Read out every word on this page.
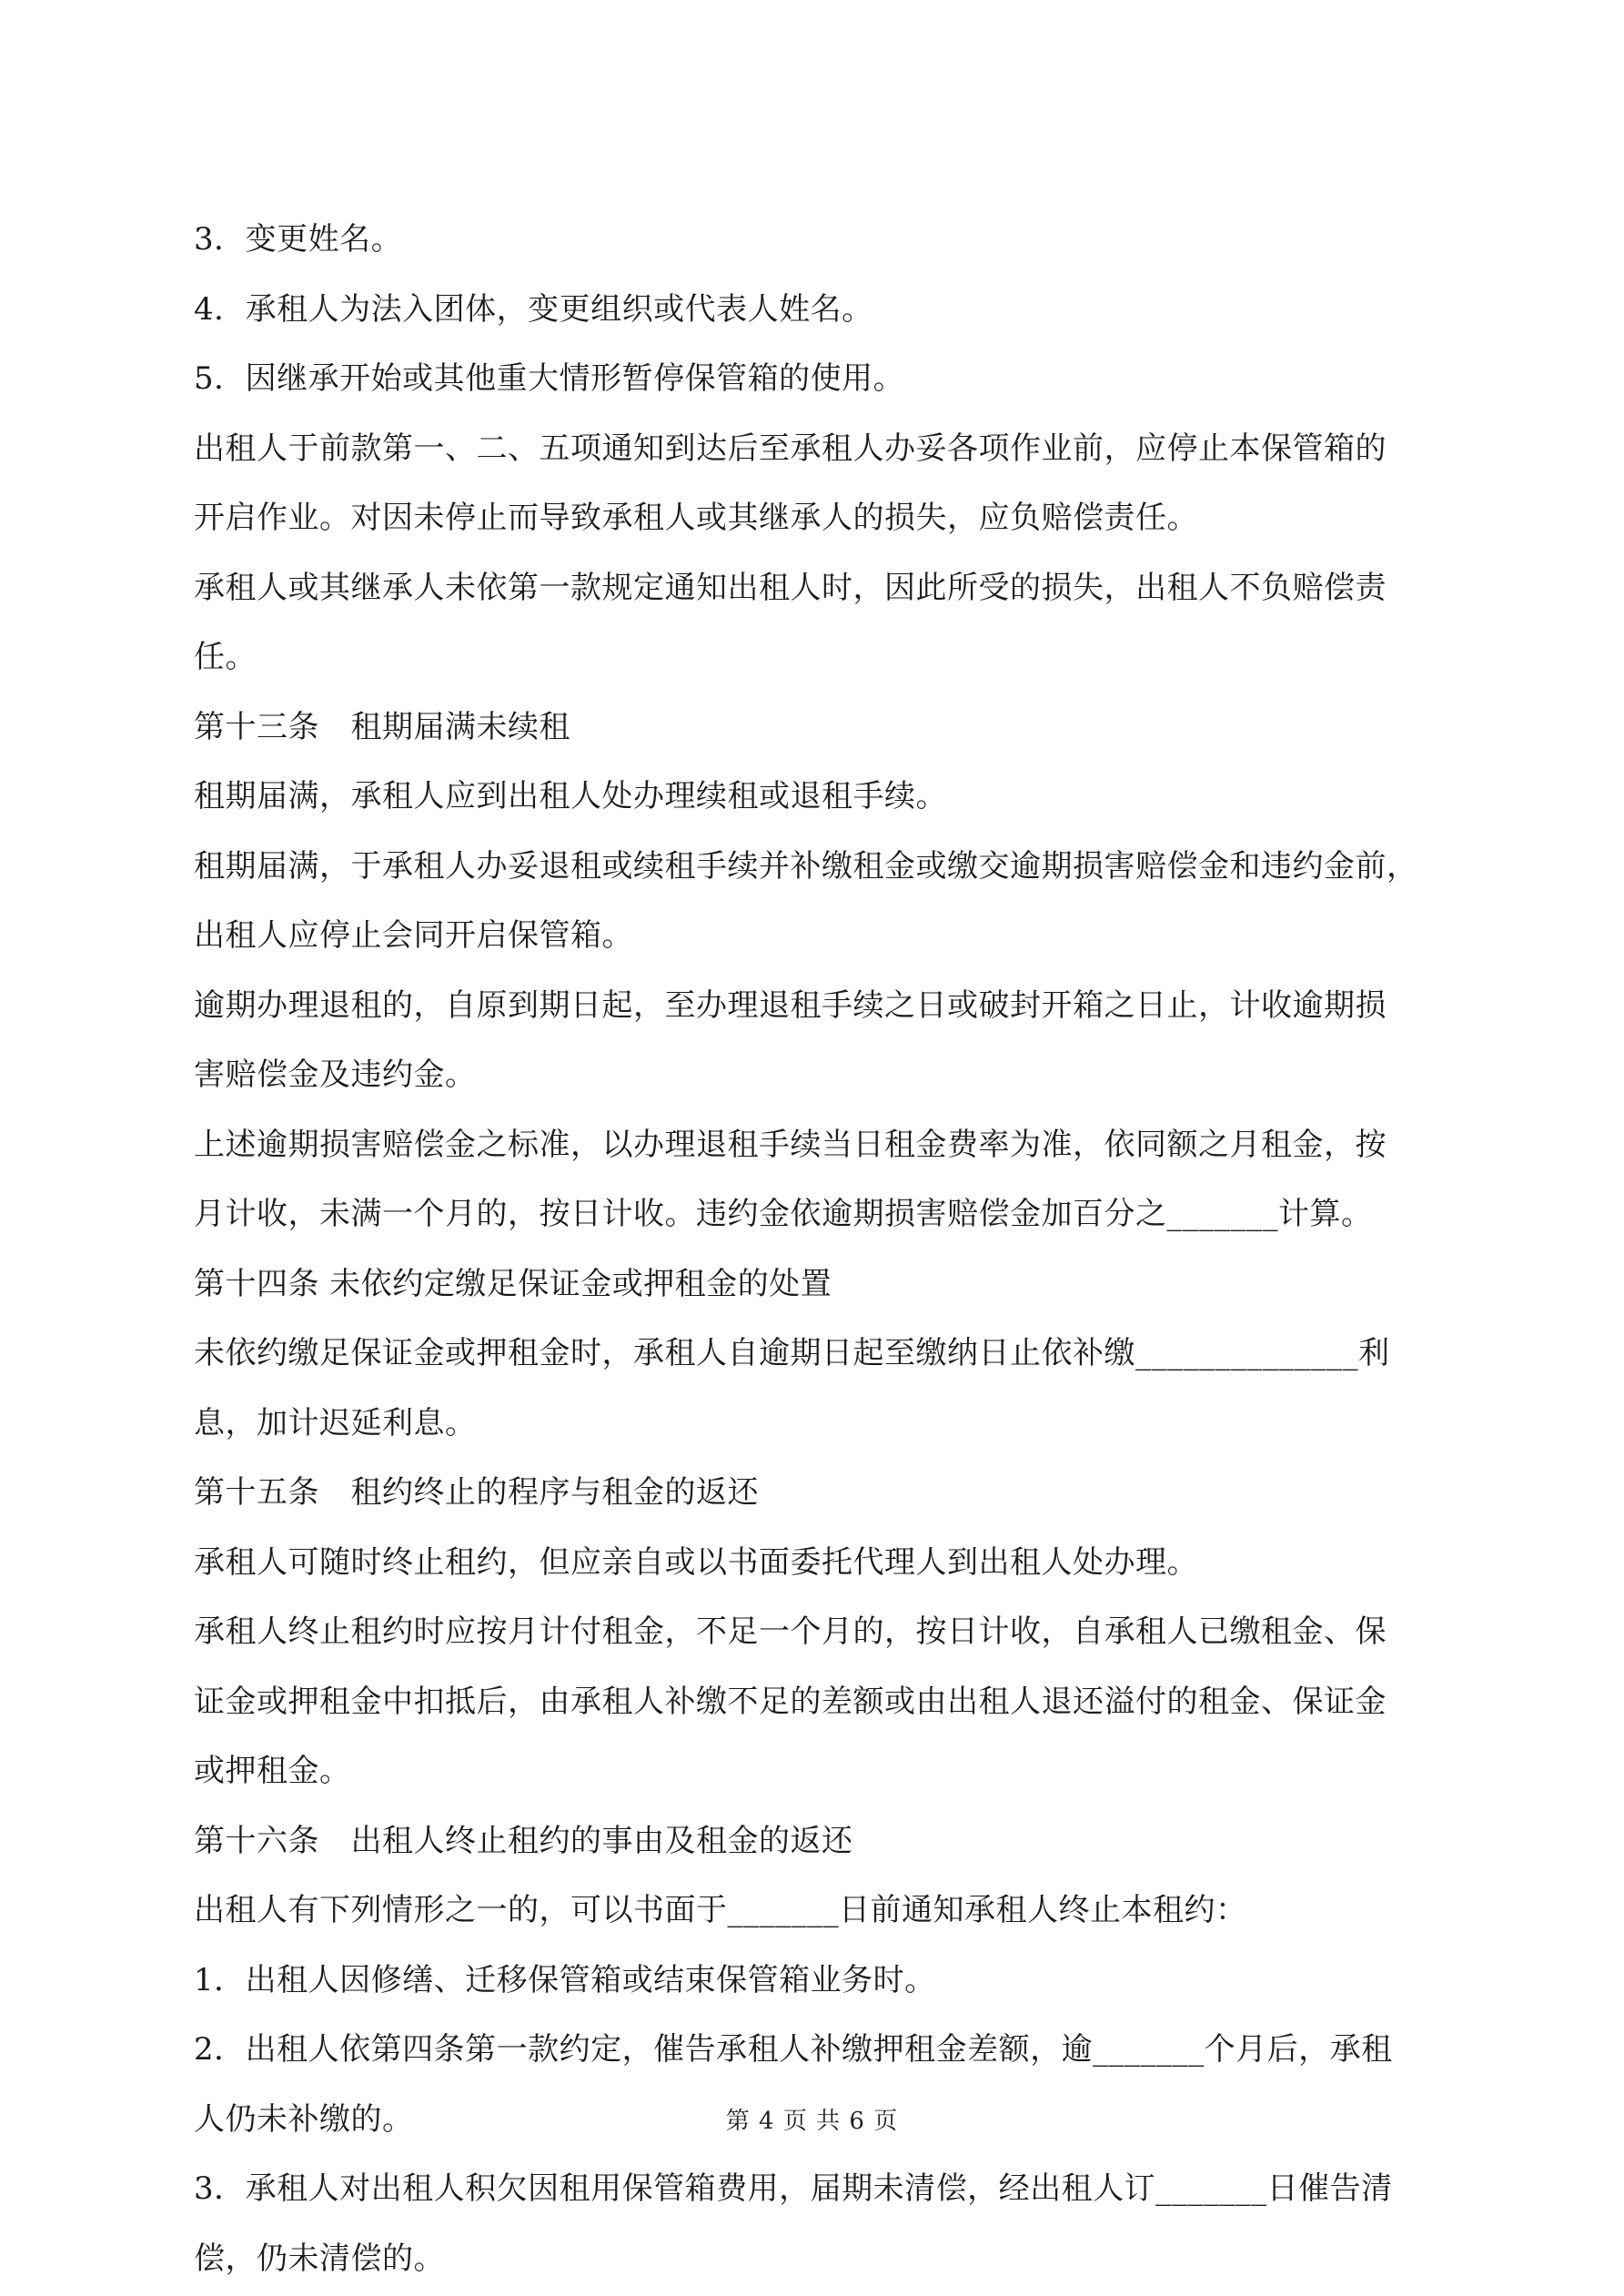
3．变更姓名。
4．承租人为法入团体，变更组织或代表人姓名。
5．因继承开始或其他重大情形暂停保管箱的使用。
出租人于前款第一、二、五项通知到达后至承租人办妥各项作业前，应停止本保管箱的
开启作业。对因未停止而导致承租人或其继承人的损失，应负赔偿责任。
承租人或其继承人未依第一款规定通知出租人时，因此所受的损失，出租人不负赔偿责
任。
第十三条　租期届满未续租
租期届满，承租人应到出租人处办理续租或退租手续。
租期届满，于承租人办妥退租或续租手续并补缴租金或缴交逾期损害赔偿金和违约金前，
出租人应停止会同开启保管箱。
逾期办理退租的，自原到期日起，至办理退租手续之日或破封开箱之日止，计收逾期损
害赔偿金及违约金。
上述逾期损害赔偿金之标准，以办理退租手续当日租金费率为准，依同额之月租金，按
月计收，未满一个月的，按日计收。违约金依逾期损害赔偿金加百分之_______计算。
第十四条 未依约定缴足保证金或押租金的处置
未依约缴足保证金或押租金时，承租人自逾期日起至缴纳日止依补缴______________利
息，加计迟延利息。
第十五条　租约终止的程序与租金的返还
承租人可随时终止租约，但应亲自或以书面委托代理人到出租人处办理。
承租人终止租约时应按月计付租金，不足一个月的，按日计收，自承租人已缴租金、保
证金或押租金中扣抵后，由承租人补缴不足的差额或由出租人退还溢付的租金、保证金
或押租金。
第十六条　出租人终止租约的事由及租金的返还
出租人有下列情形之一的，可以书面于_______日前通知承租人终止本租约：
1．出租人因修缮、迁移保管箱或结束保管箱业务时。
2．出租人依第四条第一款约定，催告承租人补缴押租金差额，逾_______个月后，承租
人仍未补缴的。
3．承租人对出租人积欠因租用保管箱费用，届期未清偿，经出租人订_______日催告清
偿，仍未清偿的。
第 4 页 共 6 页
